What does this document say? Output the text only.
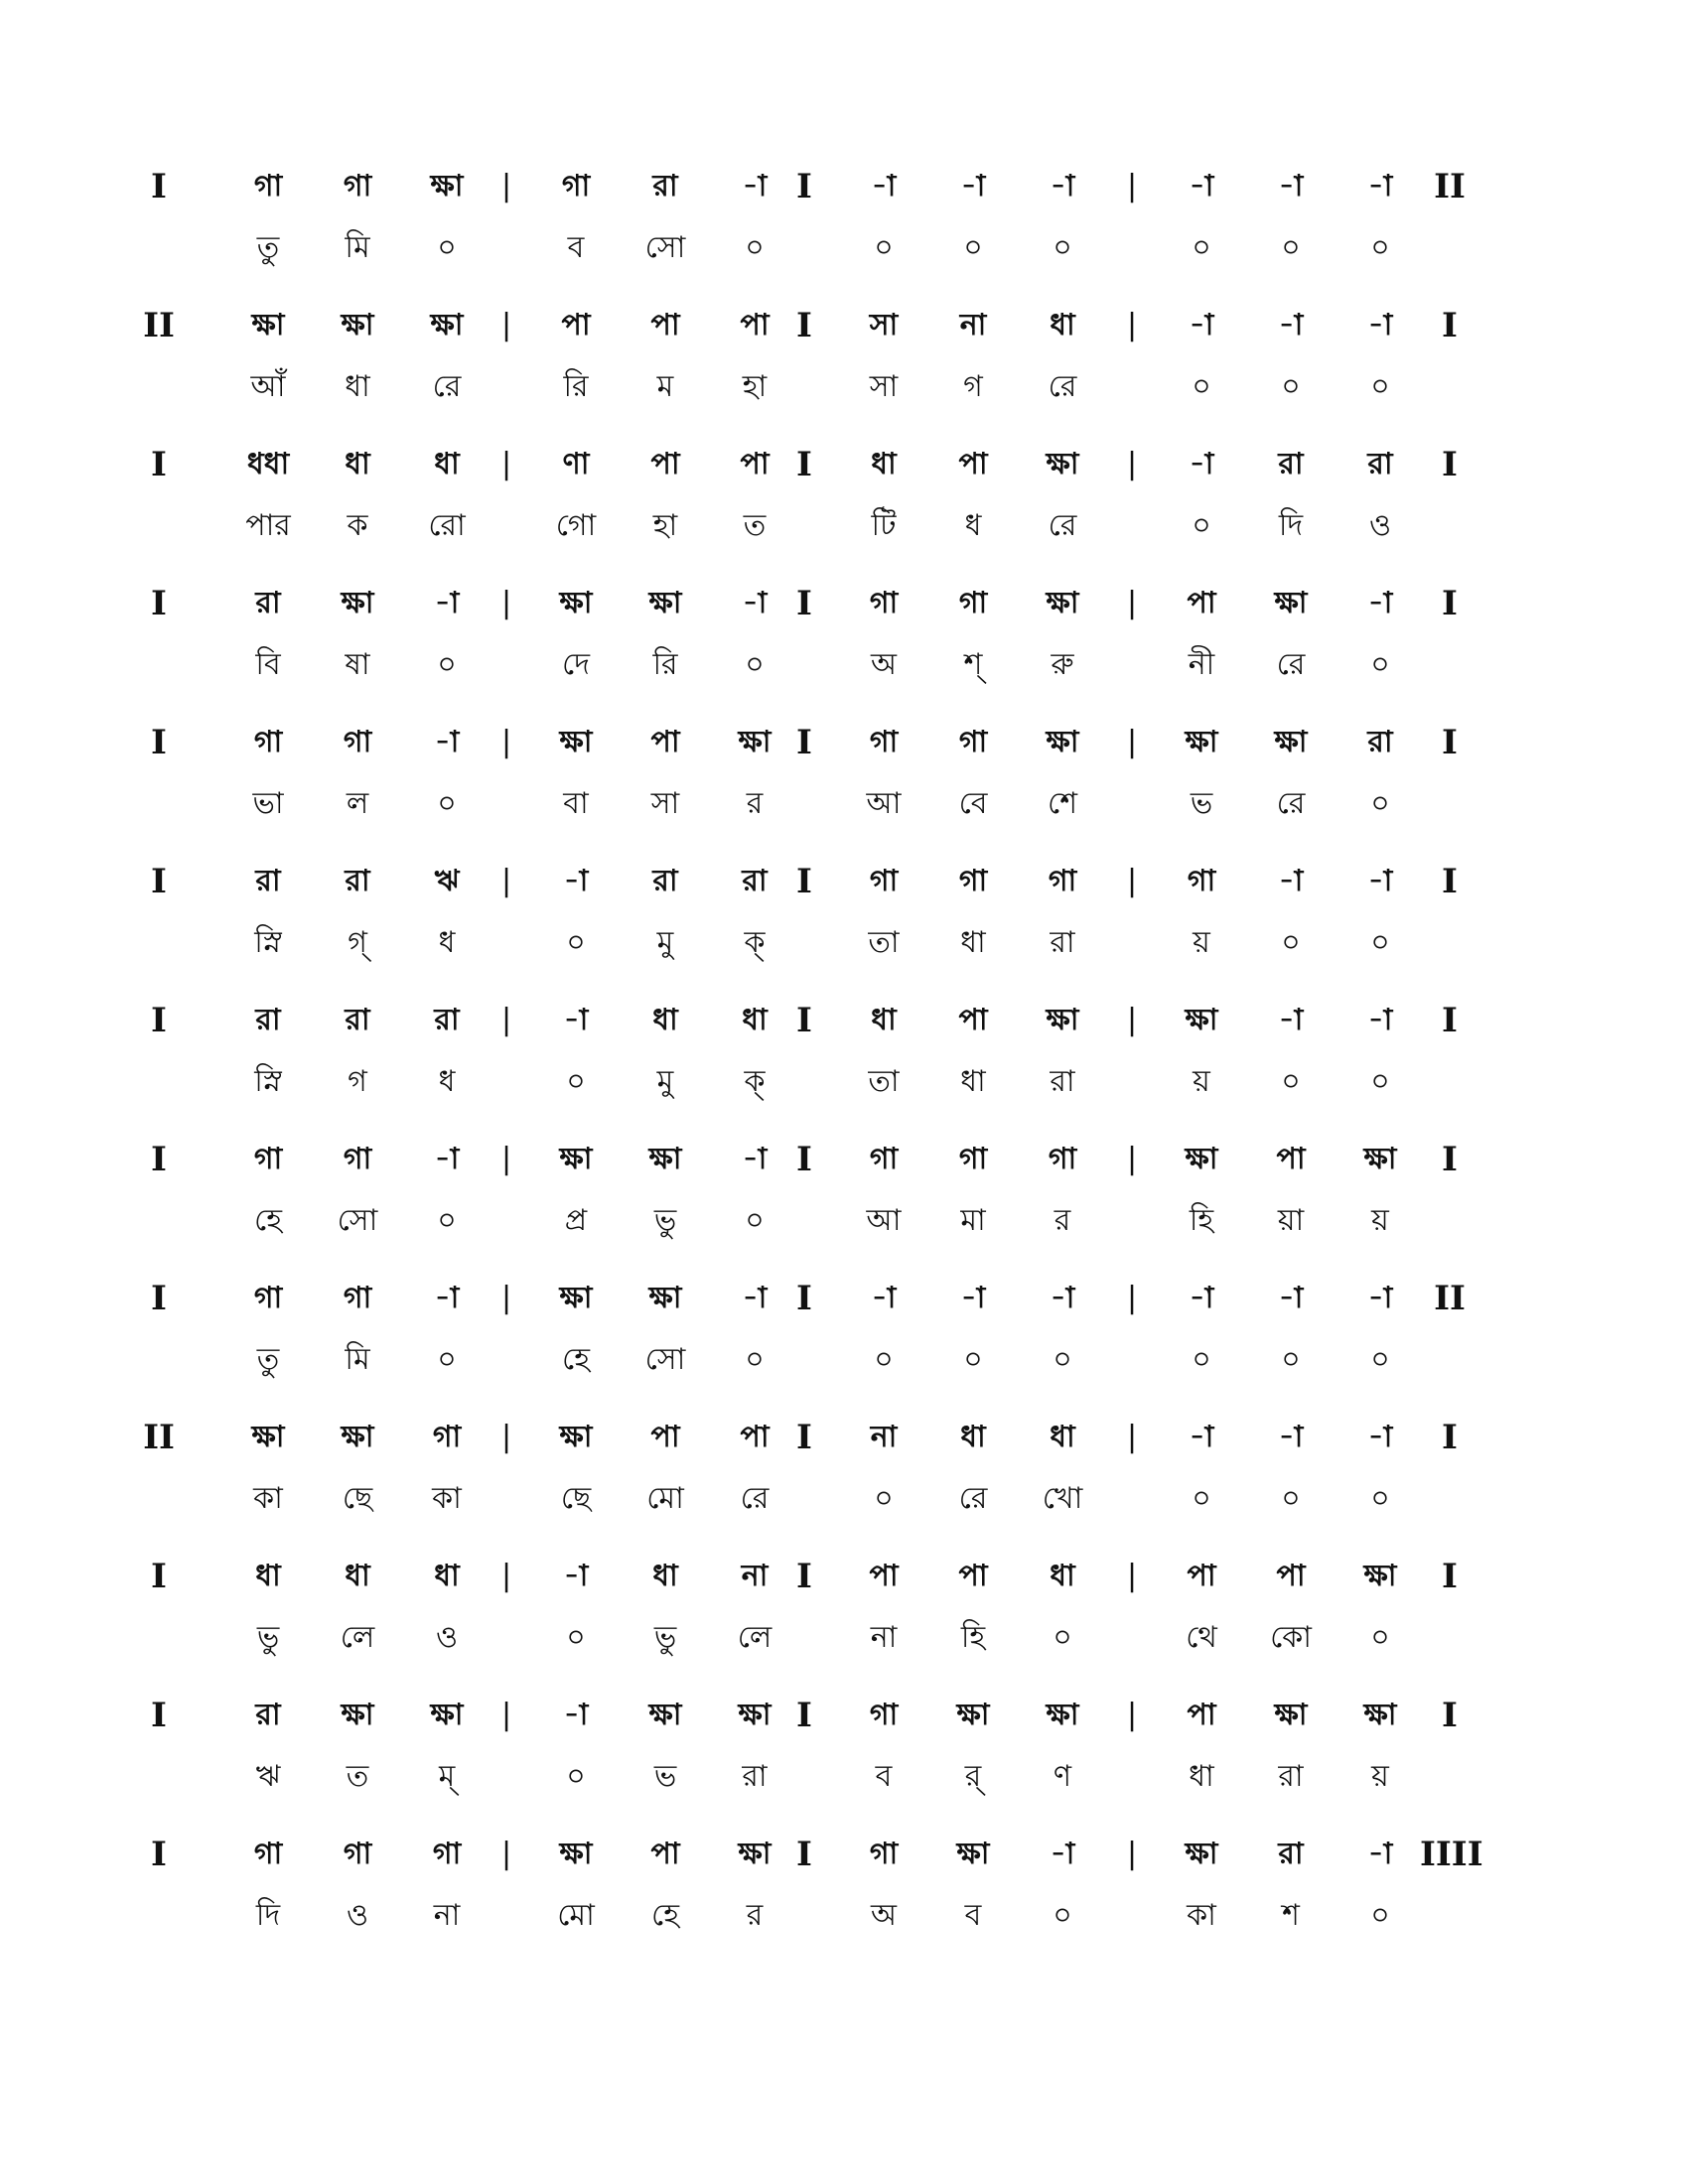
I	গা	গা	ক্ষা	|	গা	রা	-া I	-া	-া	-া	|	-া	-া	-া	II
তু	মি	০	ব	সো	০	০	০	০	০	০	০
II	ক্ষা	ক্ষা	ক্ষা	|	পা	পা	পা I	সা	না	ধা	|	-া	-া	-া	I
আঁ	ধা	রে	রি	ম	হা	সা	গ	রে	০	০	০
I	ধধা	ধা	ধা	|	ণা	পা	পা I	ধা	পা	ক্ষা	|	-া	রা	রা	I
পার	ক	রো	গো	হা	ত	টি	ধ	রে	০	দি	ও
I	রা	ক্ষা	-া	|	ক্ষা	ক্ষা	-া I	গা	গা	ক্ষা	|	পা	ক্ষা	-া	I
বি	ষা	০	দে	রি	০	অ	শ্	রু	নী	রে	০
I	গা	গা	-া	|	ক্ষা	পা	ক্ষা I	গা	গা	ক্ষা	|	ক্ষা	ক্ষা	রা	I
ভা	ল	০	বা	সা	র	আ	বে	শে	ভ	রে	০
I	রা	রা	ঋ	|	-া	রা	রা I	গা	গা	গা	|	গা	-া	-া	I
স্নি	গ্	ধ	০	মু	ক্	তা	ধা	রা	য়	০	০
I	রা	রা	রা	|	-া	ধা	ধা I	ধা	পা	ক্ষা	|	ক্ষা	-া	-া	I
স্নি	গ	ধ	০	মু	ক্	তা	ধা	রা	য়	০	০
I	গা	গা	-া	|	ক্ষা	ক্ষা	-া I	গা	গা	গা	|	ক্ষা	পা	ক্ষা	I
হে	সো	০	প্র	ভু	০	আ	মা	র	হি	য়া	য়
I	গা	গা	-া	|	ক্ষা	ক্ষা	-া I	-া	-া	-া	|	-া	-া	-া	II
তু	মি	০	হে	সো	০	০	০	০	০	০	০
II	ক্ষা	ক্ষা	গা	|	ক্ষা	পা	পা I	না	ধা	ধা	|	-া	-া	-া	I
কা	ছে	কা	ছে	মো	রে	০	রে	খো	০	০	০
I	ধা	ধা	ধা	|	-া	ধা	না I	পা	পা	ধা	|	পা	পা	ক্ষা	I
ভু	লে	ও	০	ভু	লে	না	হি	০	থে	কো	০
I	রা	ক্ষা	ক্ষা	|	-া	ক্ষা	ক্ষা I	গা	ক্ষা	ক্ষা	|	পা	ক্ষা	ক্ষা	I
ঋ	ত	ম্	০	ভ	রা	ব	র্	ণ	ধা	রা	য়
I	গা	গা	গা	|	ক্ষা	পা	ক্ষা I	গা	ক্ষা	-া	|	ক্ষা	রা	-া IIII
দি	ও	না	মো	হে	র	অ	ব	০	কা	শ	০
